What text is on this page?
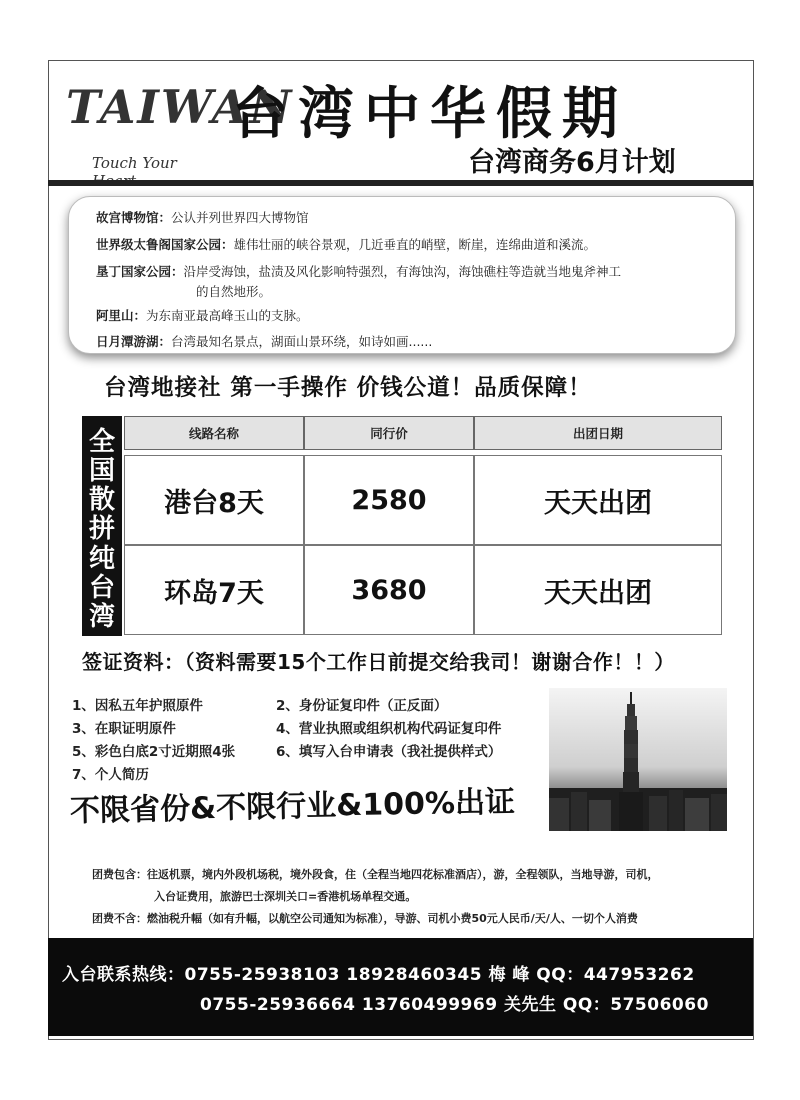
TAIWAN
Touch Your
台湾中华假期
台湾商务6月计划
故宫博物馆：公认并列世界四大博物馆
世界级太鲁阁国家公园：雄伟壮丽的峡谷景观，几近垂直的峭壁，断崖，连绵曲道和溪流。
垦丁国家公园：沿岸受海蚀，盐渍及风化影响特强烈，有海蚀沟，海蚀礁柱等造就当地鬼斧神工
的自然地形。
阿里山：为东南亚最高峰玉山的支脉。
日月潭游湖：台湾最知名景点，湖面山景环绕，如诗如画......
台湾地接社 第一手操作 价钱公道！品质保障！
全国散拼
纯台湾
线路名称	同行价	出团日期
港台8天	2580	天天出团
环岛7天	3680	天天出团
签证资料：（资料需要15个工作日前提交给我司！谢谢合作！！）
1、因私五年护照原件	2、身份证复印件（正反面）
3、在职证明原件	4、营业执照或组织机构代码证复印件
5、彩色白底2寸近期照4张	6、填写入台申请表（我社提供样式）
7、个人简历
不限省份&不限行业&100%出证
团费包含：往返机票，境内外段机场税，境外段食，住（全程当地四花标准酒店），游，全程领队，当地导游，司机，
入台证费用，旅游巴士深圳关口=香港机场单程交通。
团费不含：燃油税升幅（如有升幅，以航空公司通知为标准），导游、司机小费50元人民币/天/人、一切个人消费
入台联系热线：0755-25938103 18928460345 梅 峰 QQ：447953262
0755-25936664 13760499969 关先生 QQ：57506060
